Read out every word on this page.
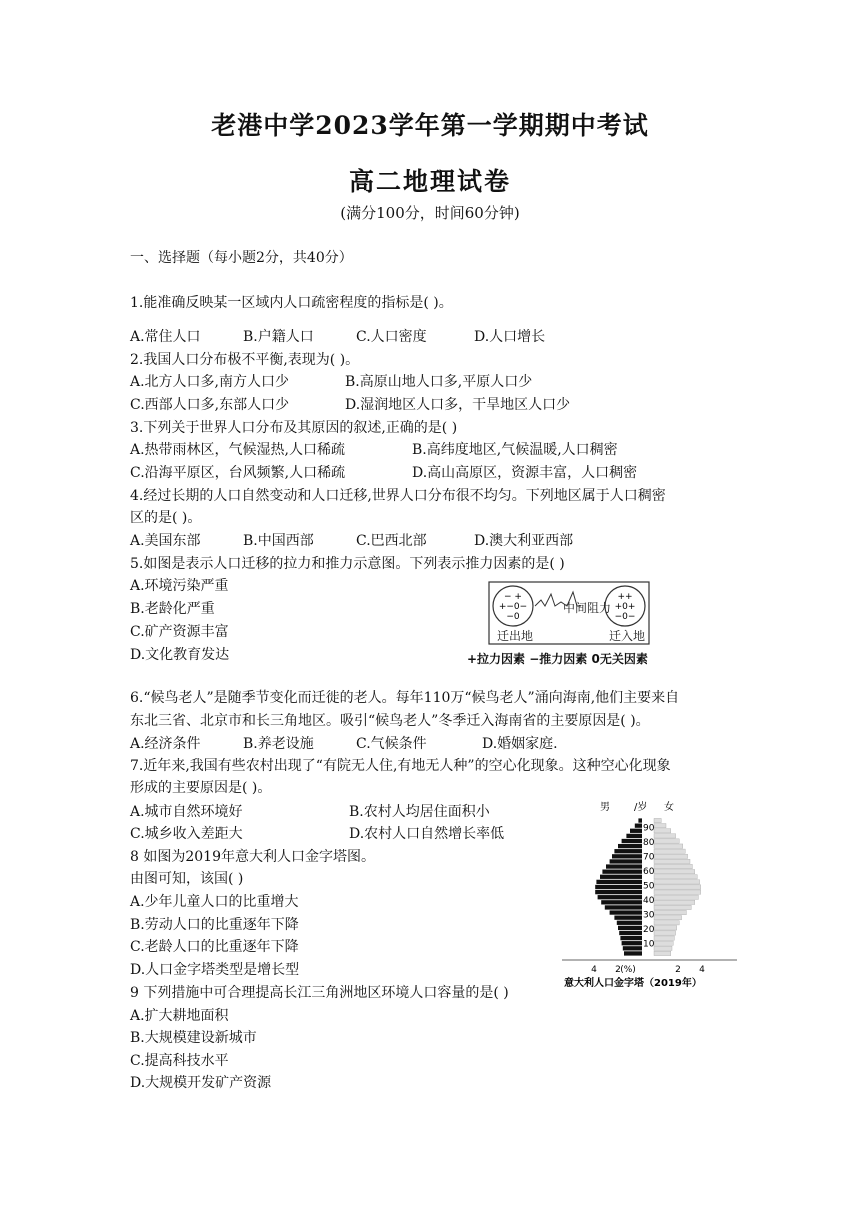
老港中学2023学年第一学期期中考试
高二地理试卷
(满分100分，时间60分钟)
一、选择题（每小题2分，共40分）
1.能准确反映某一区域内人口疏密程度的指标是( )。
A.常住人口	B.户籍人口	C.人口密度	D.人口增长
2.我国人口分布极不平衡,表现为( )。
A.北方人口多,南方人口少	B.高原山地人口多,平原人口少
C.西部人口多,东部人口少	D.湿润地区人口多，干旱地区人口少
3.下列关于世界人口分布及其原因的叙述,正确的是( )
A.热带雨林区，气候湿热,人口稀疏	B.高纬度地区,气候温暖,人口稠密
C.沿海平原区，台风频繁,人口稀疏	D.高山高原区，资源丰富，人口稠密
4.经过长期的人口自然变动和人口迁移,世界人口分布很不均匀。下列地区属于人口稠密
区的是( )。
A.美国东部	B.中国西部	C.巴西北部	D.澳大利亚西部
5.如图是表示人口迁移的拉力和推力示意图。下列表示推力因素的是( )
A.环境污染严重
B.老龄化严重
C.矿产资源丰富
D.文化教育发达
− +
+−0−
−0
++
+0+
−0−
中间阻力
迁出地	迁入地
+拉力因素 −推力因素 0无关因素
6.“候鸟老人”是随季节变化而迁徙的老人。每年110万“候鸟老人”涌向海南,他们主要来自
东北三省、北京市和长三角地区。吸引“候鸟老人”冬季迁入海南省的主要原因是( )。
A.经济条件	B.养老设施	C.气候条件	D.婚姻家庭.
7.近年来,我国有些农村出现了“有院无人住,有地无人种”的空心化现象。这种空心化现象
形成的主要原因是( )。
A.城市自然环境好	B.农村人均居住面积小
C.城乡收入差距大	D.农村人口自然增长率低
8 如图为2019年意大利人口金字塔图。
由图可知，该国( )
A.少年儿童人口的比重增大
B.劳动人口的比重逐年下降
C.老龄人口的比重逐年下降
D.人口金字塔类型是增长型
男 /岁 女
90
80
70
60
50
40
30
20
10
4 2 (%)	2 4
意大利人口金字塔（2019年）
9 下列措施中可合理提高长江三角洲地区环境人口容量的是( )
A.扩大耕地面积
B.大规模建设新城市
C.提高科技水平
D.大规模开发矿产资源
